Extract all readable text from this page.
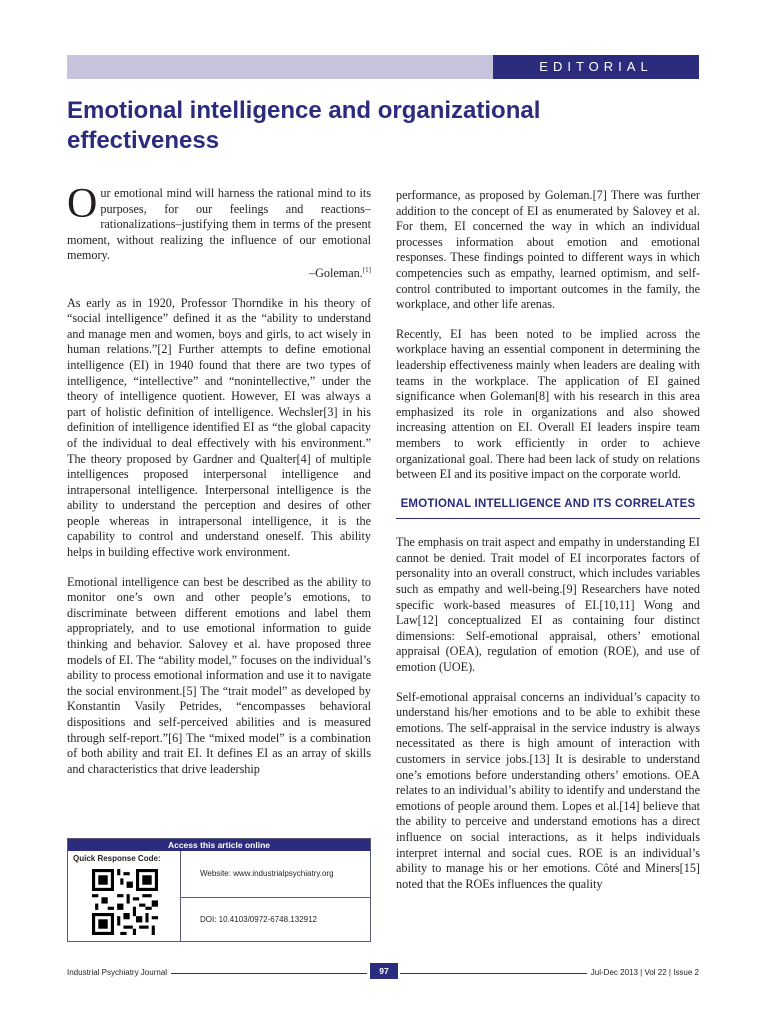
EDITORIAL
Emotional intelligence and organizational effectiveness

Our emotional mind will harness the rational mind to its purposes, for our feelings and reactions–rationalizations–justifying them in terms of the present moment, without realizing the influence of our emotional memory.

–Goleman.[1]

As early as in 1920, Professor Thorndike in his theory of “social intelligence” defined it as the “ability to understand and manage men and women, boys and girls, to act wisely in human relations.”[2] Further attempts to define emotional intelligence (EI) in 1940 found that there are two types of intelligence, “intellective” and “nonintellective,” under the theory of intelligence quotient. However, EI was always a part of holistic definition of intelligence. Wechsler[3] in his definition of intelligence identified EI as “the global capacity of the individual to deal effectively with his environment.” The theory proposed by Gardner and Qualter[4] of multiple intelligences proposed interpersonal intelligence and intrapersonal intelligence. Interpersonal intelligence is the ability to understand the perception and desires of other people whereas in intrapersonal intelligence, it is the capability to control and understand oneself. This ability helps in building effective work environment.

Emotional intelligence can best be described as the ability to monitor one’s own and other people’s emotions, to discriminate between different emotions and label them appropriately, and to use emotional information to guide thinking and behavior. Salovey et al. have proposed three models of EI. The “ability model,” focuses on the individual’s ability to process emotional information and use it to navigate the social environment.[5] The “trait model” as developed by Konstantin Vasily Petrides, “encompasses behavioral dispositions and self-perceived abilities and is measured through self-report.”[6] The “mixed model” is a combination of both ability and trait EI. It defines EI as an array of skills and characteristics that drive leadership

performance, as proposed by Goleman.[7] There was further addition to the concept of EI as enumerated by Salovey et al. For them, EI concerned the way in which an individual processes information about emotion and emotional responses. These findings pointed to different ways in which competencies such as empathy, learned optimism, and self-control contributed to important outcomes in the family, the workplace, and other life arenas.

Recently, EI has been noted to be implied across the workplace having an essential component in determining the leadership effectiveness mainly when leaders are dealing with teams in the workplace. The application of EI gained significance when Goleman[8] with his research in this area emphasized its role in organizations and also showed increasing attention on EI. Overall EI leaders inspire team members to work efficiently in order to achieve organizational goal. There had been lack of study on relations between EI and its positive impact on the corporate world.

EMOTIONAL INTELLIGENCE AND ITS CORRELATES

The emphasis on trait aspect and empathy in understanding EI cannot be denied. Trait model of EI incorporates factors of personality into an overall construct, which includes variables such as empathy and well-being.[9] Researchers have noted specific work-based measures of EI.[10,11] Wong and Law[12] conceptualized EI as containing four distinct dimensions: Self-emotional appraisal, others’ emotional appraisal (OEA), regulation of emotion (ROE), and use of emotion (UOE).

Self-emotional appraisal concerns an individual’s capacity to understand his/her emotions and to be able to exhibit these emotions. The self-appraisal in the service industry is always necessitated as there is high amount of interaction with customers in service jobs.[13] It is desirable to understand one’s emotions before understanding others’ emotions. OEA relates to an individual’s ability to identify and understand the emotions of people around them. Lopes et al.[14] believe that the ability to perceive and understand emotions has a direct influence on social interactions, as it helps individuals interpret internal and social cues. ROE is an individual’s ability to manage his or her emotions. Côté and Miners[15] noted that the ROEs influences the quality

Access this article online
Quick Response Code:
Website: www.industrialpsychiatry.org
DOI: 10.4103/0972-6748.132912
Industrial Psychiatry Journal	97	Jul-Dec 2013 | Vol 22 | Issue 2
